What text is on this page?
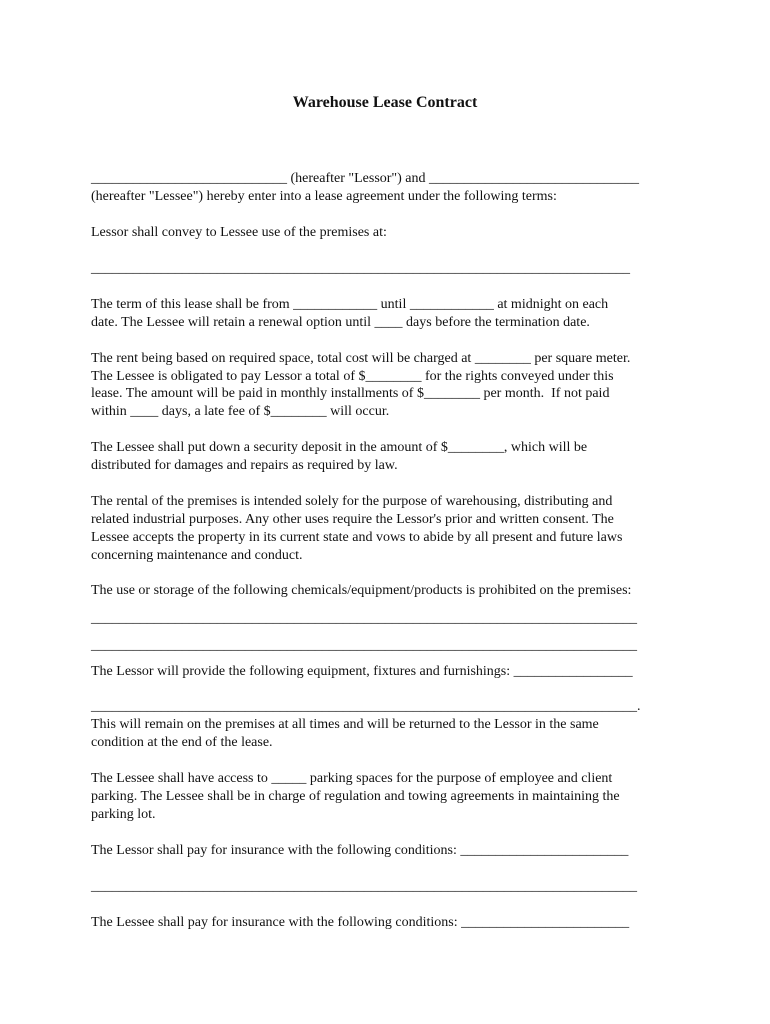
Warehouse Lease Contract

____________________________ (hereafter "Lessor") and ______________________________

(hereafter "Lessee") hereby enter into a lease agreement under the following terms:

Lessor shall convey to Lessee use of the premises at:

_____________________________________________________________________________

The term of this lease shall be from ____________ until ____________ at midnight on each

date. The Lessee will retain a renewal option until ____ days before the termination date.

The rent being based on required space, total cost will be charged at ________ per square meter.

The Lessee is obligated to pay Lessor a total of $________ for the rights conveyed under this

lease. The amount will be paid in monthly installments of $________ per month.  If not paid

within ____ days, a late fee of $________ will occur.

The Lessee shall put down a security deposit in the amount of $________, which will be

distributed for damages and repairs as required by law.

The rental of the premises is intended solely for the purpose of warehousing, distributing and

related industrial purposes. Any other uses require the Lessor's prior and written consent. The

Lessee accepts the property in its current state and vows to abide by all present and future laws

concerning maintenance and conduct.

The use or storage of the following chemicals/equipment/products is prohibited on the premises:

______________________________________________________________________________

______________________________________________________________________________

The Lessor will provide the following equipment, fixtures and furnishings: _________________

______________________________________________________________________________.

This will remain on the premises at all times and will be returned to the Lessor in the same

condition at the end of the lease.

The Lessee shall have access to _____ parking spaces for the purpose of employee and client

parking. The Lessee shall be in charge of regulation and towing agreements in maintaining the

parking lot.

The Lessor shall pay for insurance with the following conditions: ________________________

______________________________________________________________________________

The Lessee shall pay for insurance with the following conditions: ________________________
